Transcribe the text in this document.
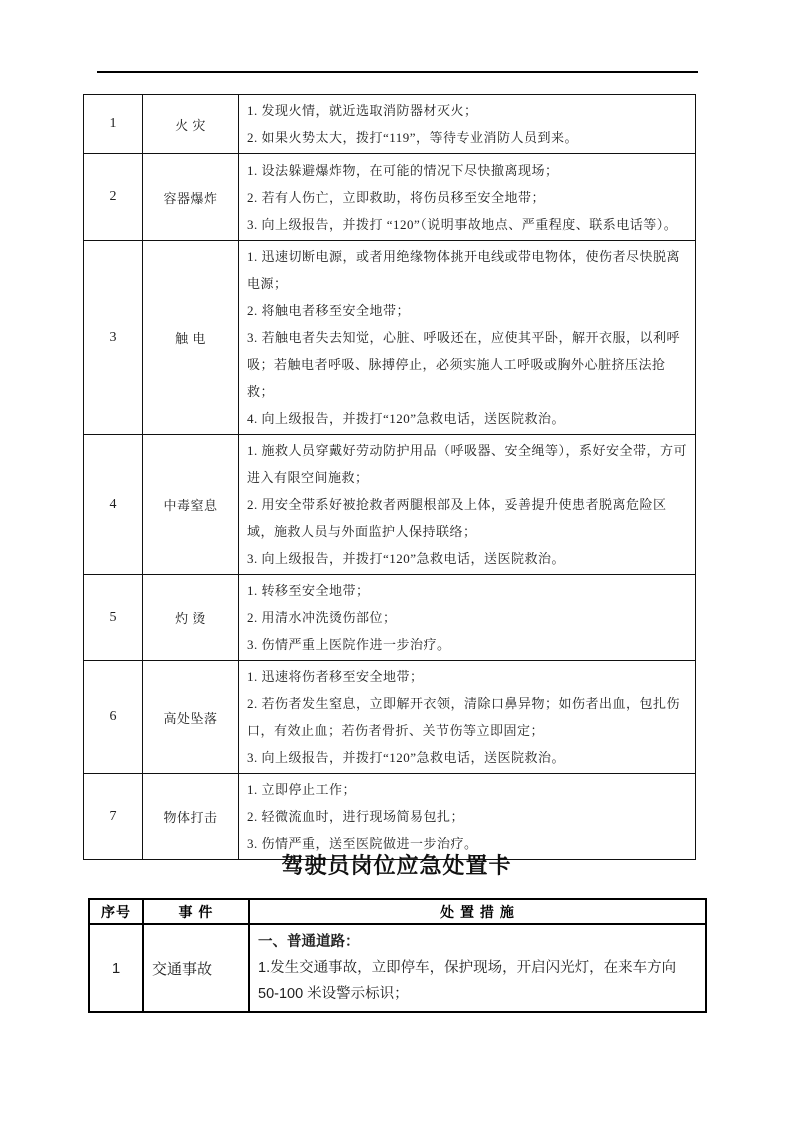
1	火 灾	1. 发现火情，就近选取消防器材灭火；

2. 如果火势太大，拨打“119”，等待专业消防人员到来。

2	容器爆炸	1. 设法躲避爆炸物，在可能的情况下尽快撤离现场；

2. 若有人伤亡，立即救助，将伤员移至安全地带；

3. 向上级报告，并拨打 “120”（说明事故地点、严重程度、联系电话等）。

3	触 电	1. 迅速切断电源，或者用绝缘物体挑开电线或带电物体，使伤者尽快脱离电源；

2. 将触电者移至安全地带；

3. 若触电者失去知觉，心脏、呼吸还在，应使其平卧，解开衣服，以利呼吸；若触电者呼吸、脉搏停止，必须实施人工呼吸或胸外心脏挤压法抢救；

4. 向上级报告，并拨打“120”急救电话，送医院救治。

4	中毒窒息	1. 施救人员穿戴好劳动防护用品（呼吸器、安全绳等），系好安全带，方可进入有限空间施救；

2. 用安全带系好被抢救者两腿根部及上体，妥善提升使患者脱离危险区域，施救人员与外面监护人保持联络；

3. 向上级报告，并拨打“120”急救电话，送医院救治。

5	灼 烫	1. 转移至安全地带；

2. 用清水冲洗烫伤部位；

3. 伤情严重上医院作进一步治疗。

6	高处坠落	1. 迅速将伤者移至安全地带；

2. 若伤者发生窒息，立即解开衣领，清除口鼻异物；如伤者出血，包扎伤口，有效止血；若伤者骨折、关节伤等立即固定；

3. 向上级报告，并拨打“120”急救电话，送医院救治。

7	物体打击	1. 立即停止工作；

2. 轻微流血时，进行现场简易包扎；

3. 伤情严重，送至医院做进一步治疗。

驾驶员岗位应急处置卡
序号	事 件	处 置 措 施
1	交通事故	一、普通道路：

1.发生交通事故，立即停车，保护现场，开启闪光灯，在来车方向 50-100 米设警示标识；
